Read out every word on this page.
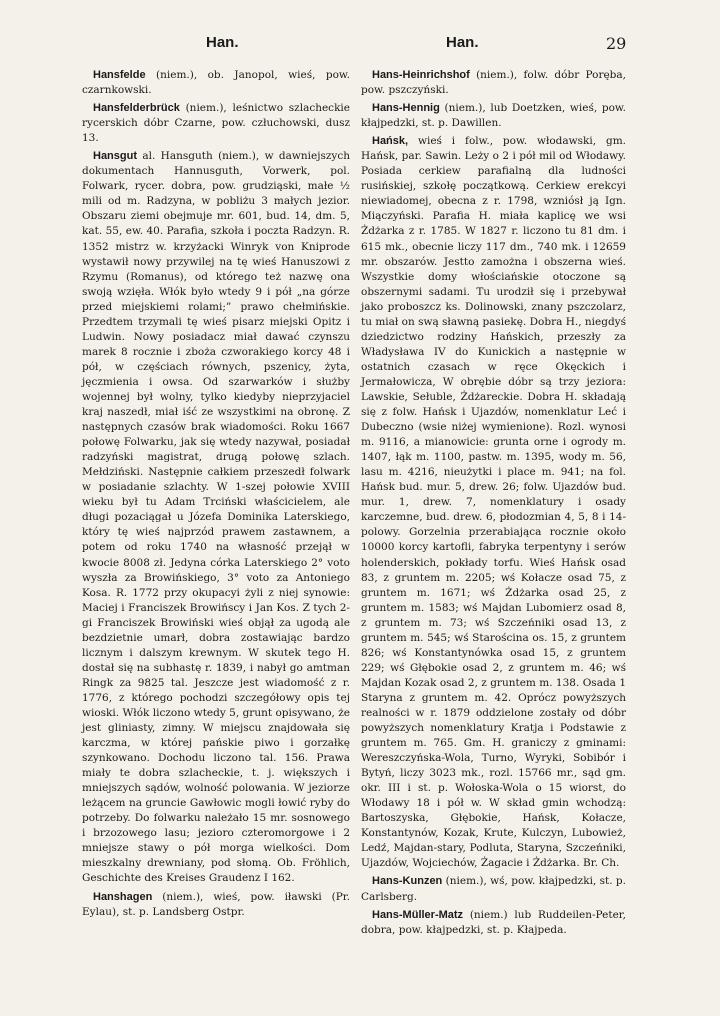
Han.	Han.	29

Hansfelde (niem.), ob. Janopol, wieś, pow. czarnkowski.

Hansfelderbrück (niem.), leśnictwo szlacheckie rycerskich dóbr Czarne, pow. człuchowski, dusz 13.

Hansgut al. Hansguth (niem.), w dawniejszych dokumentach Hannusguth, Vorwerk, pol. Folwark, rycer. dobra, pow. grudziąski, małe ½ mili od m. Radzyna, w pobliżu 3 małych jezior. Obszaru ziemi obejmuje mr. 601, bud. 14, dm. 5, kat. 55, ew. 40. Parafia, szkoła i poczta Radzyn. R. 1352 mistrz w. krzyżacki Winryk von Kniprode wystawił nowy przywilej na tę wieś Hanuszowi z Rzymu (Romanus), od którego też nazwę ona swoją wzięła. Włók było wtedy 9 i pół „na górze przed miejskiemi rolami;” prawo chełmińskie. Przedtem trzymali tę wieś pisarz miejski Opitz i Ludwin. Nowy posiadacz miał dawać czynszu marek 8 rocznie i zboża czworakiego korcy 48 i pół, w częściach równych, pszenicy, żyta, jęczmienia i owsa. Od szarwarków i służby wojennej był wolny, tylko kiedyby nieprzyjaciel kraj naszedł, miał iść ze wszystkimi na obronę. Z następnych czasów brak wiadomości. Roku 1667 połowę Folwarku, jak się wtedy nazywał, posiadał radzyński magistrat, drugą połowę szlach. Mełdziński. Następnie całkiem przeszedł folwark w posiadanie szlachty. W 1-szej połowie XVIII wieku był tu Adam Trciński właścicielem, ale długi pozaciągał u Józefa Dominika Laterskiego, który tę wieś najprzód prawem zastawnem, a potem od roku 1740 na własność przejął w kwocie 8008 zł. Jedyna córka Laterskiego 2° voto wyszła za Browińskiego, 3° voto za Antoniego Kosa. R. 1772 przy okupacyi żyli z niej synowie: Maciej i Franciszek Browińscy i Jan Kos. Z tych 2-gi Franciszek Browiński wieś objął za ugodą ale bezdzietnie umarł, dobra zostawiając bardzo licznym i dalszym krewnym. W skutek tego H. dostał się na subhastę r. 1839, i nabył go amtman Ringk za 9825 tal. Jeszcze jest wiadomość z r. 1776, z którego pochodzi szczegółowy opis tej wioski. Włók liczono wtedy 5, grunt opisywano, że jest gliniasty, zimny. W miejscu znajdowała się karczma, w której pańskie piwo i gorzałkę szynkowano. Dochodu liczono tal. 156. Prawa miały te dobra szlacheckie, t. j. większych i mniejszych sądów, wolność polowania. W jeziorze leżącem na gruncie Gawłowic mogli łowić ryby do potrzeby. Do folwarku należało 15 mr. sosnowego i brzozowego lasu; jezioro czteromorgowe i 2 mniejsze stawy o pół morga wielkości. Dom mieszkalny drewniany, pod słomą. Ob. Fröhlich, Geschichte des Kreises Graudenz I 162.

Hanshagen (niem.), wieś, pow. iławski (Pr. Eylau), st. p. Landsberg Ostpr.

Hans-Heinrichshof (niem.), folw. dóbr Poręba, pow. pszczyński.

Hans-Hennig (niem.), lub Doetzken, wieś, pow. kłajpedzki, st. p. Dawillen.

Hańsk, wieś i folw., pow. włodawski, gm. Hańsk, par. Sawin. Leży o 2 i pół mil od Włodawy. Posiada cerkiew parafialną dla ludności rusińskiej, szkołę początkową. Cerkiew erekcyi niewiadomej, obecna z r. 1798, wzniósł ją Ign. Miączyński. Parafia H. miała kaplicę we wsi Żdżarka z r. 1785. W 1827 r. liczono tu 81 dm. i 615 mk., obecnie liczy 117 dm., 740 mk. i 12659 mr. obszarów. Jestto zamożna i obszerna wieś. Wszystkie domy włościańskie otoczone są obszernymi sadami. Tu urodził się i przebywał jako proboszcz ks. Dolinowski, znany pszczolarz, tu miał on swą sławną pasiekę. Dobra H., niegdyś dziedzictwo rodziny Hańskich, przeszły za Władysława IV do Kunickich a następnie w ostatnich czasach w ręce Okęckich i Jermałowicza, W obrębie dóbr są trzy jeziora: Lawskie, Sełuble, Żdżareckie. Dobra H. składają się z folw. Hańsk i Ujazdów, nomenklatur Leć i Dubeczno (wsie niżej wymienione). Rozl. wynosi m. 9116, a mianowicie: grunta orne i ogrody m. 1407, łąk m. 1100, pastw. m. 1395, wody m. 56, lasu m. 4216, nieużytki i place m. 941; na fol. Hańsk bud. mur. 5, drew. 26; folw. Ujazdów bud. mur. 1, drew. 7, nomenklatury i osady karczemne, bud. drew. 6, płodozmian 4, 5, 8 i 14-polowy. Gorzelnia przerabiająca rocznie około 10000 korcy kartofli, fabryka terpentyny i serów holenderskich, pokłady torfu. Wieś Hańsk osad 83, z gruntem m. 2205; wś Kołacze osad 75, z gruntem m. 1671; wś Żdżarka osad 25, z gruntem m. 1583; wś Majdan Lubomierz osad 8, z gruntem m. 73; wś Szczeńniki osad 13, z gruntem m. 545; wś Starościna os. 15, z gruntem 826; wś Konstantynówka osad 15, z gruntem 229; wś Głębokie osad 2, z gruntem m. 46; wś Majdan Kozak osad 2, z gruntem m. 138. Osada 1 Staryna z gruntem m. 42. Oprócz powyższych realności w r. 1879 oddzielone zostały od dóbr powyższych nomenklatury Kratja i Podstawie z gruntem m. 765. Gm. H. graniczy z gminami: Wereszczyńska-Wola, Turno, Wyryki, Sobibór i Bytyń, liczy 3023 mk., rozl. 15766 mr., sąd gm. okr. III i st. p. Wołoska-Wola o 15 wiorst, do Włodawy 18 i pół w. W skład gmin wchodzą: Bartoszyska, Głębokie, Hańsk, Kołacze, Konstantynów, Kozak, Krute, Kulczyn, Lubowież, Ledź, Majdan-stary, Podluta, Staryna, Szczeńniki, Ujazdów, Wojciechów, Żagacie i Żdżarka. Br. Ch.

Hans-Kunzen (niem.), wś, pow. kłajpedzki, st. p. Carlsberg.

Hans-Müller-Matz (niem.) lub Ruddeilen-Peter, dobra, pow. kłajpedzki, st. p. Kłajpeda.
